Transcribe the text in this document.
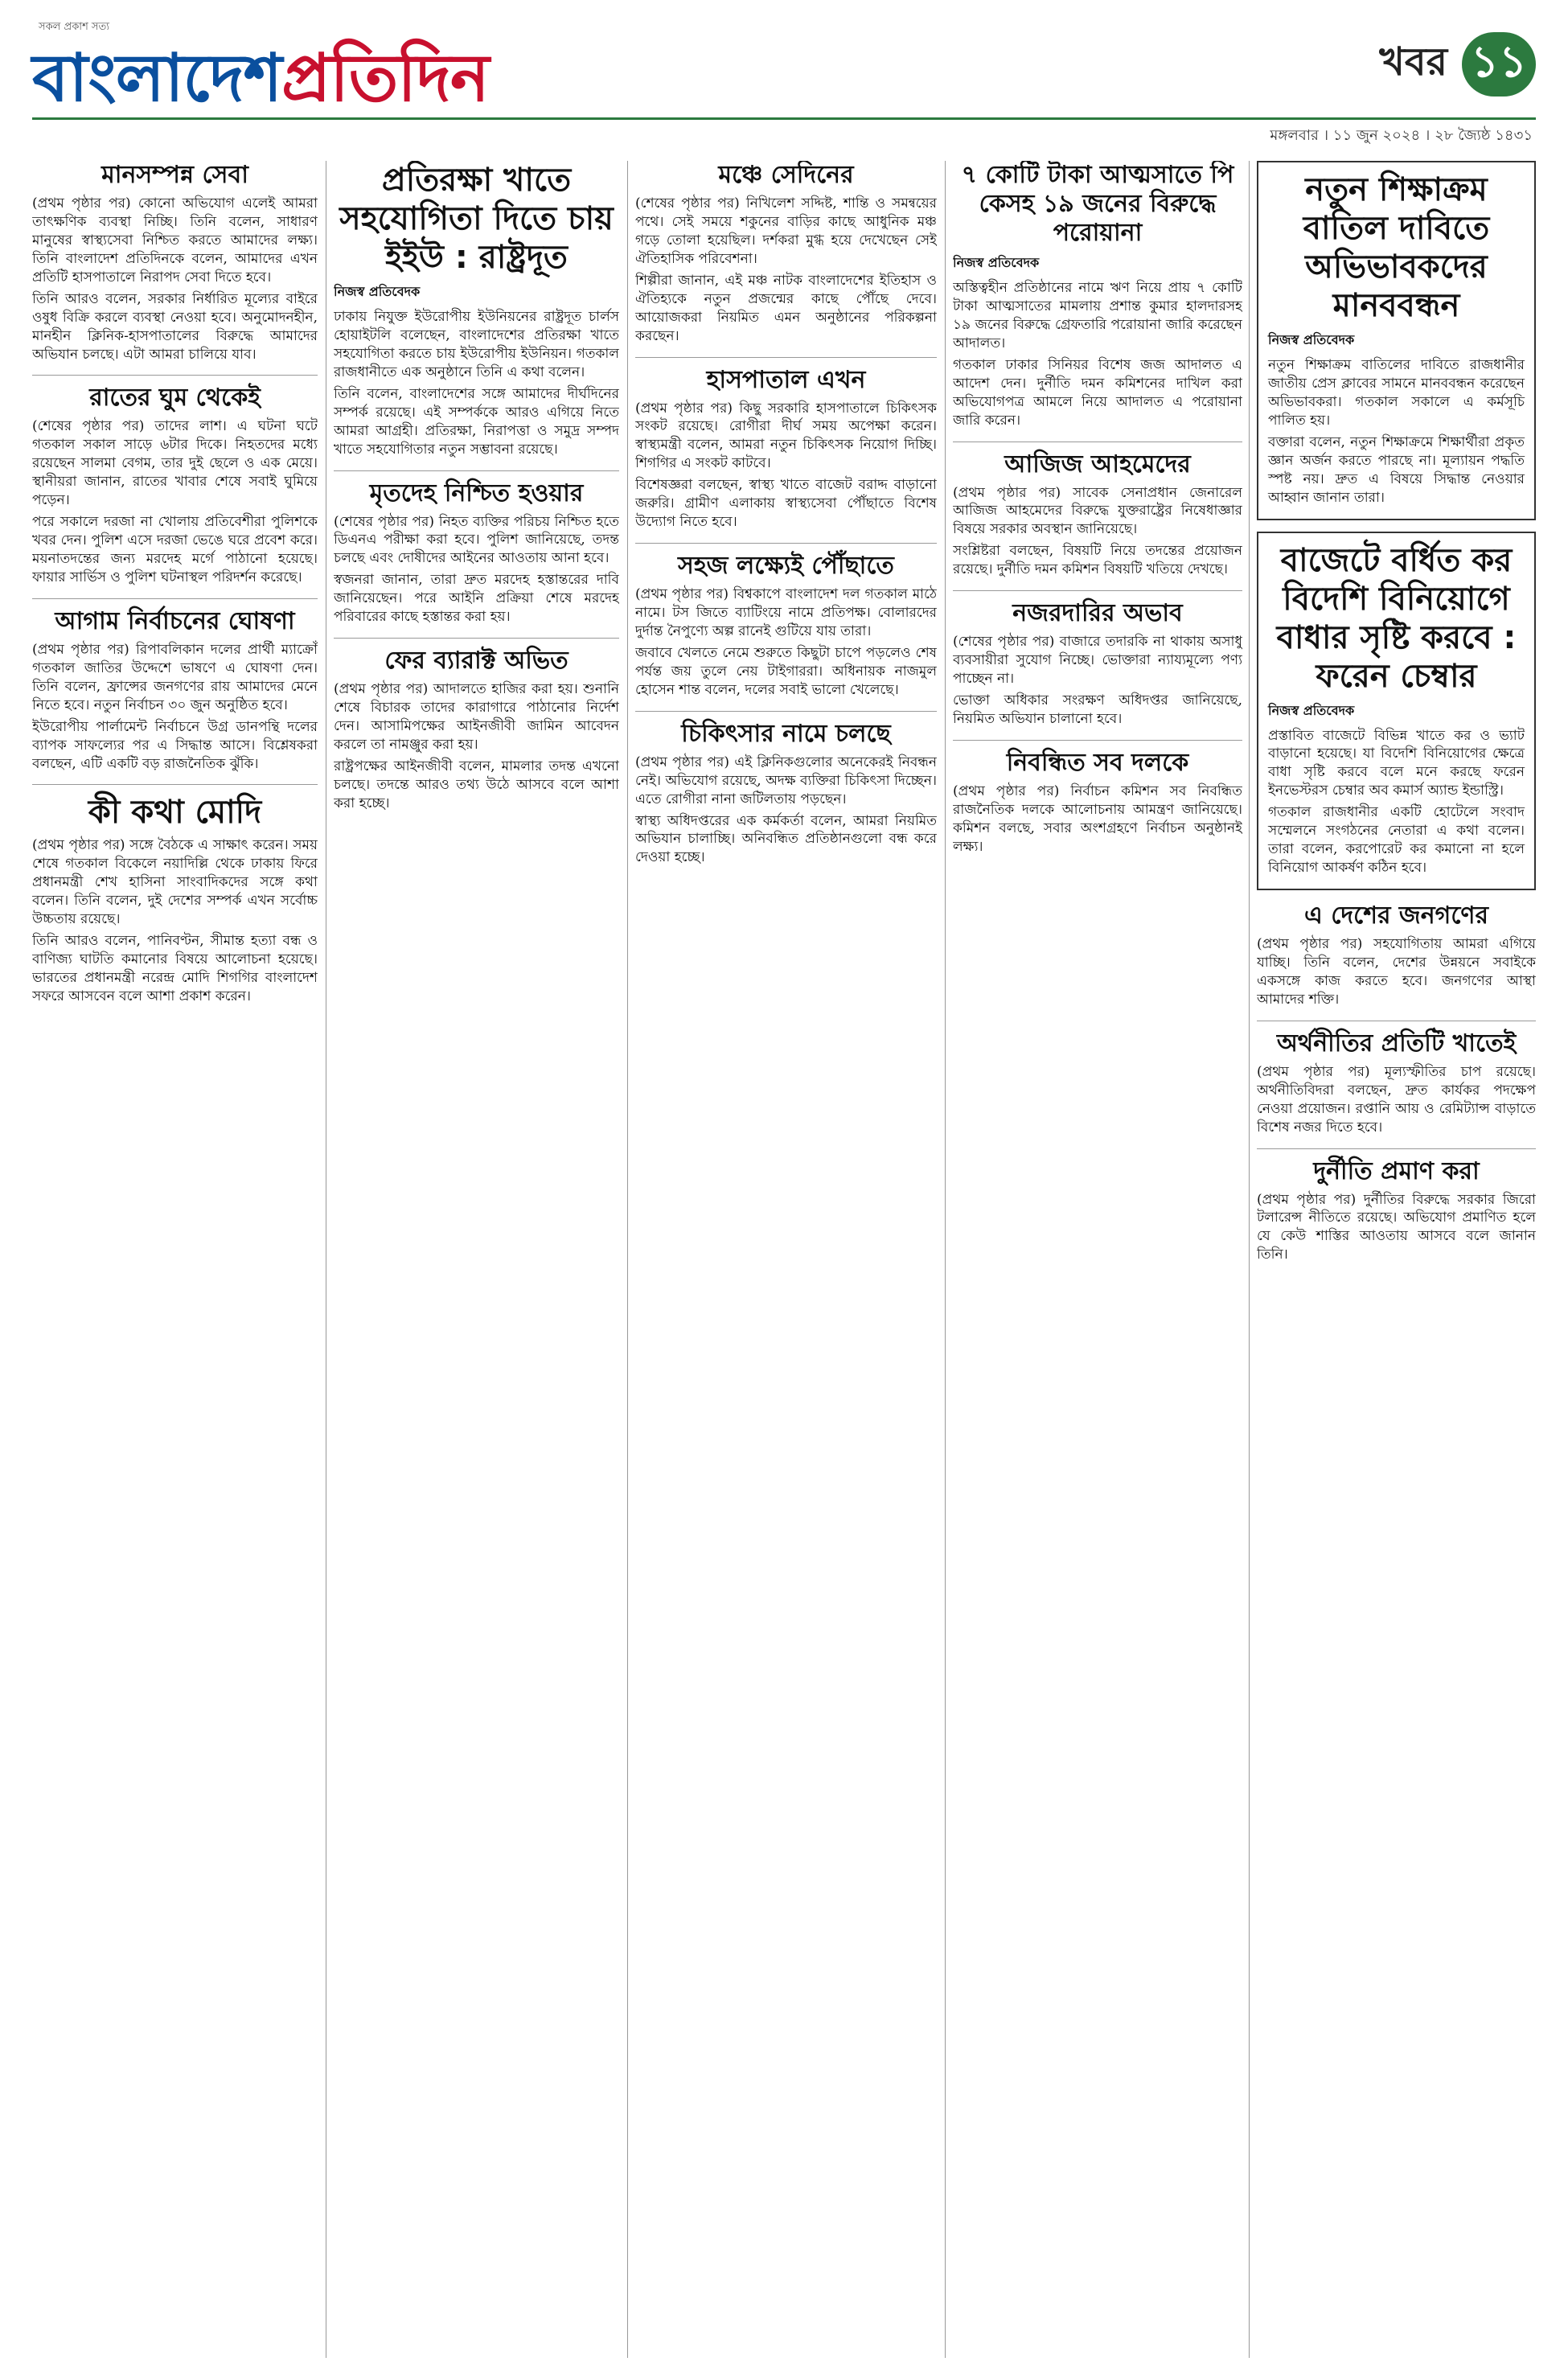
সকল প্রকাশ সত্য
বাংলাদেশপ্রতিদিন	খবর ১১
মঙ্গলবার । ১১ জুন ২০২৪ । ২৮ জ্যৈষ্ঠ ১৪৩১
মানসম্পন্ন সেবা

(প্রথম পৃষ্ঠার পর) কোনো অভিযোগ এলেই আমরা তাৎক্ষণিক ব্যবস্থা নিচ্ছি। তিনি বলেন, সাধারণ মানুষের স্বাস্থ্যসেবা নিশ্চিত করতে আমাদের লক্ষ্য। তিনি বাংলাদেশ প্রতিদিনকে বলেন, আমাদের এখন প্রতিটি হাসপাতালে নিরাপদ সেবা দিতে হবে।

তিনি আরও বলেন, সরকার নির্ধারিত মূল্যের বাইরে ওষুধ বিক্রি করলে ব্যবস্থা নেওয়া হবে। অনুমোদনহীন, মানহীন ক্লিনিক-হাসপাতালের বিরুদ্ধে আমাদের অভিযান চলছে। এটা আমরা চালিয়ে যাব।

রাতের ঘুম থেকেই

(শেষের পৃষ্ঠার পর) তাদের লাশ। এ ঘটনা ঘটে গতকাল সকাল সাড়ে ৬টার দিকে। নিহতদের মধ্যে রয়েছেন সালমা বেগম, তার দুই ছেলে ও এক মেয়ে। স্থানীয়রা জানান, রাতের খাবার শেষে সবাই ঘুমিয়ে পড়েন।

পরে সকালে দরজা না খোলায় প্রতিবেশীরা পুলিশকে খবর দেন। পুলিশ এসে দরজা ভেঙে ঘরে প্রবেশ করে। ময়নাতদন্তের জন্য মরদেহ মর্গে পাঠানো হয়েছে। ফায়ার সার্ভিস ও পুলিশ ঘটনাস্থল পরিদর্শন করেছে।

আগাম নির্বাচনের ঘোষণা

(প্রথম পৃষ্ঠার পর) রিপাবলিকান দলের প্রার্থী ম্যাক্রোঁ গতকাল জাতির উদ্দেশে ভাষণে এ ঘোষণা দেন। তিনি বলেন, ফ্রান্সের জনগণের রায় আমাদের মেনে নিতে হবে। নতুন নির্বাচন ৩০ জুন অনুষ্ঠিত হবে।

ইউরোপীয় পার্লামেন্ট নির্বাচনে উগ্র ডানপন্থি দলের ব্যাপক সাফল্যের পর এ সিদ্ধান্ত আসে। বিশ্লেষকরা বলছেন, এটি একটি বড় রাজনৈতিক ঝুঁকি।

কী কথা মোদি

(প্রথম পৃষ্ঠার পর) সঙ্গে বৈঠকে এ সাক্ষাৎ করেন। সময় শেষে গতকাল বিকেলে নয়াদিল্লি থেকে ঢাকায় ফিরে প্রধানমন্ত্রী শেখ হাসিনা সাংবাদিকদের সঙ্গে কথা বলেন। তিনি বলেন, দুই দেশের সম্পর্ক এখন সর্বোচ্চ উচ্চতায় রয়েছে।

তিনি আরও বলেন, পানিবণ্টন, সীমান্ত হত্যা বন্ধ ও বাণিজ্য ঘাটতি কমানোর বিষয়ে আলোচনা হয়েছে। ভারতের প্রধানমন্ত্রী নরেন্দ্র মোদি শিগগির বাংলাদেশ সফরে আসবেন বলে আশা প্রকাশ করেন।

প্রতিরক্ষা খাতে সহযোগিতা দিতে চায় ইইউ : রাষ্ট্রদূত
নিজস্ব প্রতিবেদক

ঢাকায় নিযুক্ত ইউরোপীয় ইউনিয়নের রাষ্ট্রদূত চার্লস হোয়াইটলি বলেছেন, বাংলাদেশের প্রতিরক্ষা খাতে সহযোগিতা করতে চায় ইউরোপীয় ইউনিয়ন। গতকাল রাজধানীতে এক অনুষ্ঠানে তিনি এ কথা বলেন।

তিনি বলেন, বাংলাদেশের সঙ্গে আমাদের দীর্ঘদিনের সম্পর্ক রয়েছে। এই সম্পর্ককে আরও এগিয়ে নিতে আমরা আগ্রহী। প্রতিরক্ষা, নিরাপত্তা ও সমুদ্র সম্পদ খাতে সহযোগিতার নতুন সম্ভাবনা রয়েছে।

মৃতদেহ নিশ্চিত হওয়ার

(শেষের পৃষ্ঠার পর) নিহত ব্যক্তির পরিচয় নিশ্চিত হতে ডিএনএ পরীক্ষা করা হবে। পুলিশ জানিয়েছে, তদন্ত চলছে এবং দোষীদের আইনের আওতায় আনা হবে।

স্বজনরা জানান, তারা দ্রুত মরদেহ হস্তান্তরের দাবি জানিয়েছেন। পরে আইনি প্রক্রিয়া শেষে মরদেহ পরিবারের কাছে হস্তান্তর করা হয়।

ফের ব্যারাক্ট অভিত

(প্রথম পৃষ্ঠার পর) আদালতে হাজির করা হয়। শুনানি শেষে বিচারক তাদের কারাগারে পাঠানোর নির্দেশ দেন। আসামিপক্ষের আইনজীবী জামিন আবেদন করলে তা নামঞ্জুর করা হয়।

রাষ্ট্রপক্ষের আইনজীবী বলেন, মামলার তদন্ত এখনো চলছে। তদন্তে আরও তথ্য উঠে আসবে বলে আশা করা হচ্ছে।

মঞ্চে সেদিনের

(শেষের পৃষ্ঠার পর) নিখিলেশ সদ্দিষ্ট, শান্তি ও সমন্বয়ের পথে। সেই সময়ে শকুনের বাড়ির কাছে আধুনিক মঞ্চ গড়ে তোলা হয়েছিল। দর্শকরা মুগ্ধ হয়ে দেখেছেন সেই ঐতিহাসিক পরিবেশনা।

শিল্পীরা জানান, এই মঞ্চ নাটক বাংলাদেশের ইতিহাস ও ঐতিহ্যকে নতুন প্রজন্মের কাছে পৌঁছে দেবে। আয়োজকরা নিয়মিত এমন অনুষ্ঠানের পরিকল্পনা করছেন।

হাসপাতাল এখন

(প্রথম পৃষ্ঠার পর) কিছু সরকারি হাসপাতালে চিকিৎসক সংকট রয়েছে। রোগীরা দীর্ঘ সময় অপেক্ষা করেন। স্বাস্থ্যমন্ত্রী বলেন, আমরা নতুন চিকিৎসক নিয়োগ দিচ্ছি। শিগগির এ সংকট কাটবে।

বিশেষজ্ঞরা বলছেন, স্বাস্থ্য খাতে বাজেট বরাদ্দ বাড়ানো জরুরি। গ্রামীণ এলাকায় স্বাস্থ্যসেবা পৌঁছাতে বিশেষ উদ্যোগ নিতে হবে।

সহজ লক্ষ্যেই পৌঁছাতে

(প্রথম পৃষ্ঠার পর) বিশ্বকাপে বাংলাদেশ দল গতকাল মাঠে নামে। টস জিতে ব্যাটিংয়ে নামে প্রতিপক্ষ। বোলারদের দুর্দান্ত নৈপুণ্যে অল্প রানেই গুটিয়ে যায় তারা।

জবাবে খেলতে নেমে শুরুতে কিছুটা চাপে পড়লেও শেষ পর্যন্ত জয় তুলে নেয় টাইগাররা। অধিনায়ক নাজমুল হোসেন শান্ত বলেন, দলের সবাই ভালো খেলেছে।

চিকিৎসার নামে চলছে

(প্রথম পৃষ্ঠার পর) এই ক্লিনিকগুলোর অনেকেরই নিবন্ধন নেই। অভিযোগ রয়েছে, অদক্ষ ব্যক্তিরা চিকিৎসা দিচ্ছেন। এতে রোগীরা নানা জটিলতায় পড়ছেন।

স্বাস্থ্য অধিদপ্তরের এক কর্মকর্তা বলেন, আমরা নিয়মিত অভিযান চালাচ্ছি। অনিবন্ধিত প্রতিষ্ঠানগুলো বন্ধ করে দেওয়া হচ্ছে।

৭ কোটি টাকা আত্মসাতে পি কেসহ ১৯ জনের বিরুদ্ধে পরোয়ানা
নিজস্ব প্রতিবেদক

অস্তিত্বহীন প্রতিষ্ঠানের নামে ঋণ নিয়ে প্রায় ৭ কোটি টাকা আত্মসাতের মামলায় প্রশান্ত কুমার হালদারসহ ১৯ জনের বিরুদ্ধে গ্রেফতারি পরোয়ানা জারি করেছেন আদালত।

গতকাল ঢাকার সিনিয়র বিশেষ জজ আদালত এ আদেশ দেন। দুর্নীতি দমন কমিশনের দাখিল করা অভিযোগপত্র আমলে নিয়ে আদালত এ পরোয়ানা জারি করেন।

আজিজ আহমেদের

(প্রথম পৃষ্ঠার পর) সাবেক সেনাপ্রধান জেনারেল আজিজ আহমেদের বিরুদ্ধে যুক্তরাষ্ট্রের নিষেধাজ্ঞার বিষয়ে সরকার অবস্থান জানিয়েছে।

সংশ্লিষ্টরা বলছেন, বিষয়টি নিয়ে তদন্তের প্রয়োজন রয়েছে। দুর্নীতি দমন কমিশন বিষয়টি খতিয়ে দেখছে।

নজরদারির অভাব

(শেষের পৃষ্ঠার পর) বাজারে তদারকি না থাকায় অসাধু ব্যবসায়ীরা সুযোগ নিচ্ছে। ভোক্তারা ন্যায্যমূল্যে পণ্য পাচ্ছেন না।

ভোক্তা অধিকার সংরক্ষণ অধিদপ্তর জানিয়েছে, নিয়মিত অভিযান চালানো হবে।

নিবন্ধিত সব দলকে

(প্রথম পৃষ্ঠার পর) নির্বাচন কমিশন সব নিবন্ধিত রাজনৈতিক দলকে আলোচনায় আমন্ত্রণ জানিয়েছে। কমিশন বলছে, সবার অংশগ্রহণে নির্বাচন অনুষ্ঠানই লক্ষ্য।

নতুন শিক্ষাক্রম বাতিল দাবিতে অভিভাবকদের মানববন্ধন
নিজস্ব প্রতিবেদক

নতুন শিক্ষাক্রম বাতিলের দাবিতে রাজধানীর জাতীয় প্রেস ক্লাবের সামনে মানববন্ধন করেছেন অভিভাবকরা। গতকাল সকালে এ কর্মসূচি পালিত হয়।

বক্তারা বলেন, নতুন শিক্ষাক্রমে শিক্ষার্থীরা প্রকৃত জ্ঞান অর্জন করতে পারছে না। মূল্যায়ন পদ্ধতি স্পষ্ট নয়। দ্রুত এ বিষয়ে সিদ্ধান্ত নেওয়ার আহ্বান জানান তারা।

বাজেটে বর্ধিত কর বিদেশি বিনিয়োগে বাধার সৃষ্টি করবে : ফরেন চেম্বার
নিজস্ব প্রতিবেদক

প্রস্তাবিত বাজেটে বিভিন্ন খাতে কর ও ভ্যাট বাড়ানো হয়েছে। যা বিদেশি বিনিয়োগের ক্ষেত্রে বাধা সৃষ্টি করবে বলে মনে করছে ফরেন ইনভেস্টরস চেম্বার অব কমার্স অ্যান্ড ইন্ডাস্ট্রি।

গতকাল রাজধানীর একটি হোটেলে সংবাদ সম্মেলনে সংগঠনের নেতারা এ কথা বলেন। তারা বলেন, করপোরেট কর কমানো না হলে বিনিয়োগ আকর্ষণ কঠিন হবে।

এ দেশের জনগণের

(প্রথম পৃষ্ঠার পর) সহযোগিতায় আমরা এগিয়ে যাচ্ছি। তিনি বলেন, দেশের উন্নয়নে সবাইকে একসঙ্গে কাজ করতে হবে। জনগণের আস্থা আমাদের শক্তি।

অর্থনীতির প্রতিটি খাতেই

(প্রথম পৃষ্ঠার পর) মূল্যস্ফীতির চাপ রয়েছে। অর্থনীতিবিদরা বলছেন, দ্রুত কার্যকর পদক্ষেপ নেওয়া প্রয়োজন। রপ্তানি আয় ও রেমিট্যান্স বাড়াতে বিশেষ নজর দিতে হবে।

দুর্নীতি প্রমাণ করা

(প্রথম পৃষ্ঠার পর) দুর্নীতির বিরুদ্ধে সরকার জিরো টলারেন্স নীতিতে রয়েছে। অভিযোগ প্রমাণিত হলে যে কেউ শাস্তির আওতায় আসবে বলে জানান তিনি।
